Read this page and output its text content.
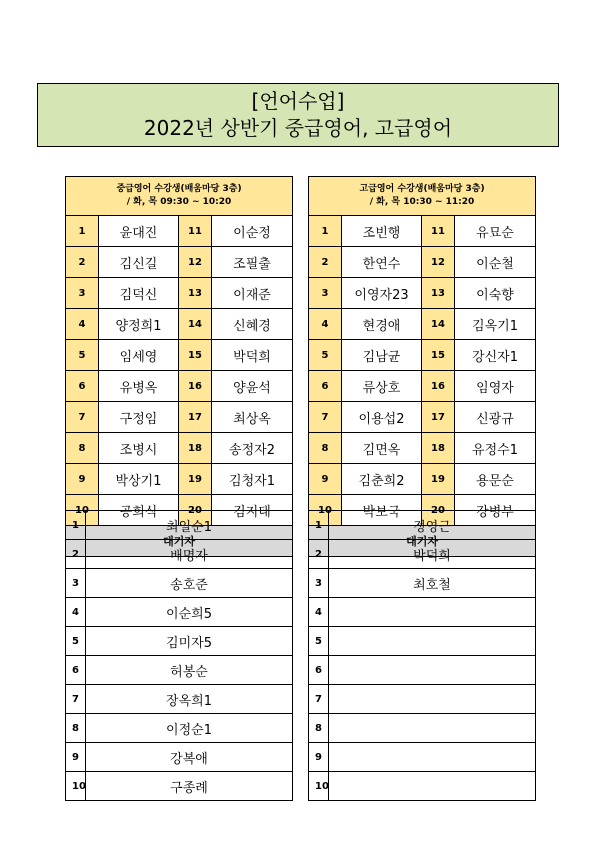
[언어수업]
2022년 상반기 중급영어, 고급영어
중급영어 수강생(배움마당 3층)
/ 화, 목 09:30 ~ 10:20			

1	윤대진	11	이순정
2	김신길	12	조필출
3	김덕신	13	이재준
4	양정희1	14	신혜경
5	임세영	15	박덕희
6	유병옥	16	양윤석
7	구정임	17	최상옥
8	조병시	18	송정자2
9	박상기1	19	김청자1
10	공희식	20	김지태
대기자			
1	최일순1
2	배명자
3	송호준
4	이순희5
5	김미자5
6	허봉순
7	장옥희1
8	이정순1
9	강복애
10	구종례
고급영어 수강생(배움마당 3층)
/ 화, 목 10:30 ~ 11:20			

1	조빈행	11	유묘순
2	한연수	12	이순철
3	이영자23	13	이숙향
4	현경애	14	김옥기1
5	김남균	15	강신자1
6	류상호	16	임영자
7	이용섭2	17	신광규
8	김면옥	18	유정수1
9	김춘희2	19	용문순
10	박보국	20	강병부
대기자			
1	정영근
2	박덕희
3	최호철
4	
5	
6	
7	
8	
9	
10	
